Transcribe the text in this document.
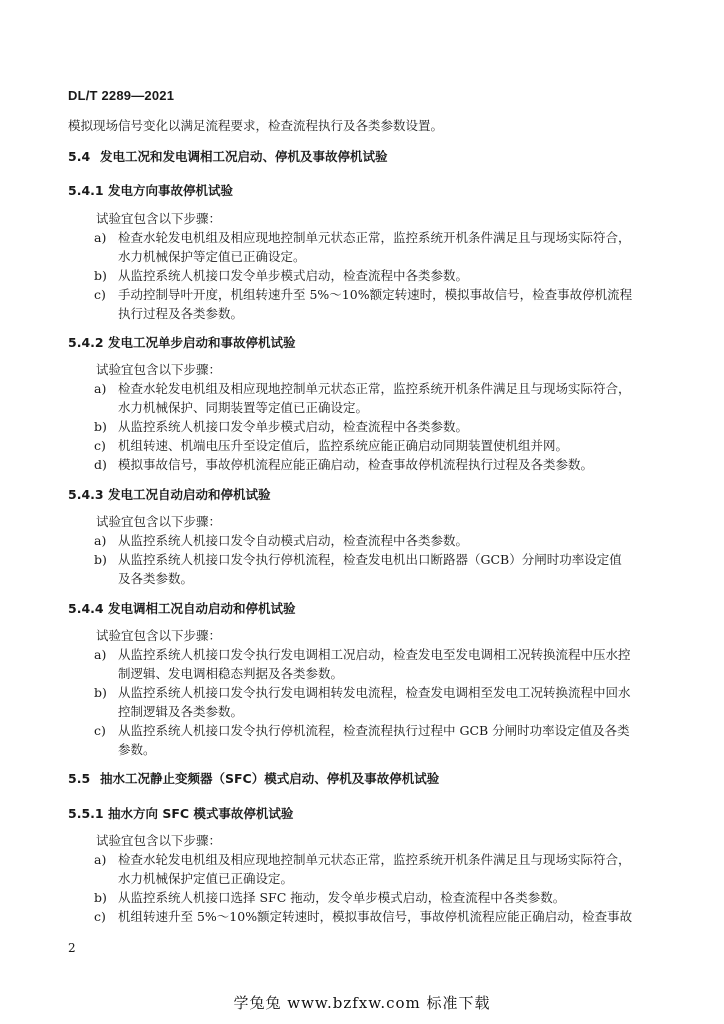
DL/T 2289—2021
模拟现场信号变化以满足流程要求，检查流程执行及各类参数设置。
5.4 发电工况和发电调相工况启动、停机及事故停机试验
5.4.1 发电方向事故停机试验
试验宜包含以下步骤：
a) 检查水轮发电机组及相应现地控制单元状态正常，监控系统开机条件满足且与现场实际符合，
水力机械保护等定值已正确设定。
b) 从监控系统人机接口发令单步模式启动，检查流程中各类参数。
c) 手动控制导叶开度，机组转速升至 5%～10%额定转速时，模拟事故信号，检查事故停机流程
执行过程及各类参数。
5.4.2 发电工况单步启动和事故停机试验
试验宜包含以下步骤：
a) 检查水轮发电机组及相应现地控制单元状态正常，监控系统开机条件满足且与现场实际符合，
水力机械保护、同期装置等定值已正确设定。
b) 从监控系统人机接口发令单步模式启动，检查流程中各类参数。
c) 机组转速、机端电压升至设定值后，监控系统应能正确启动同期装置使机组并网。
d) 模拟事故信号，事故停机流程应能正确启动，检查事故停机流程执行过程及各类参数。
5.4.3 发电工况自动启动和停机试验
试验宜包含以下步骤：
a) 从监控系统人机接口发令自动模式启动，检查流程中各类参数。
b) 从监控系统人机接口发令执行停机流程，检查发电机出口断路器（GCB）分闸时功率设定值
及各类参数。
5.4.4 发电调相工况自动启动和停机试验
试验宜包含以下步骤：
a) 从监控系统人机接口发令执行发电调相工况启动，检查发电至发电调相工况转换流程中压水控
制逻辑、发电调相稳态判据及各类参数。
b) 从监控系统人机接口发令执行发电调相转发电流程，检查发电调相至发电工况转换流程中回水
控制逻辑及各类参数。
c) 从监控系统人机接口发令执行停机流程，检查流程执行过程中 GCB 分闸时功率设定值及各类
参数。
5.5 抽水工况静止变频器（SFC）模式启动、停机及事故停机试验
5.5.1 抽水方向 SFC 模式事故停机试验
试验宜包含以下步骤：
a) 检查水轮发电机组及相应现地控制单元状态正常，监控系统开机条件满足且与现场实际符合，
水力机械保护定值已正确设定。
b) 从监控系统人机接口选择 SFC 拖动，发令单步模式启动，检查流程中各类参数。
c) 机组转速升至 5%～10%额定转速时，模拟事故信号，事故停机流程应能正确启动，检查事故
2
学兔兔 www.bzfxw.com 标准下载
